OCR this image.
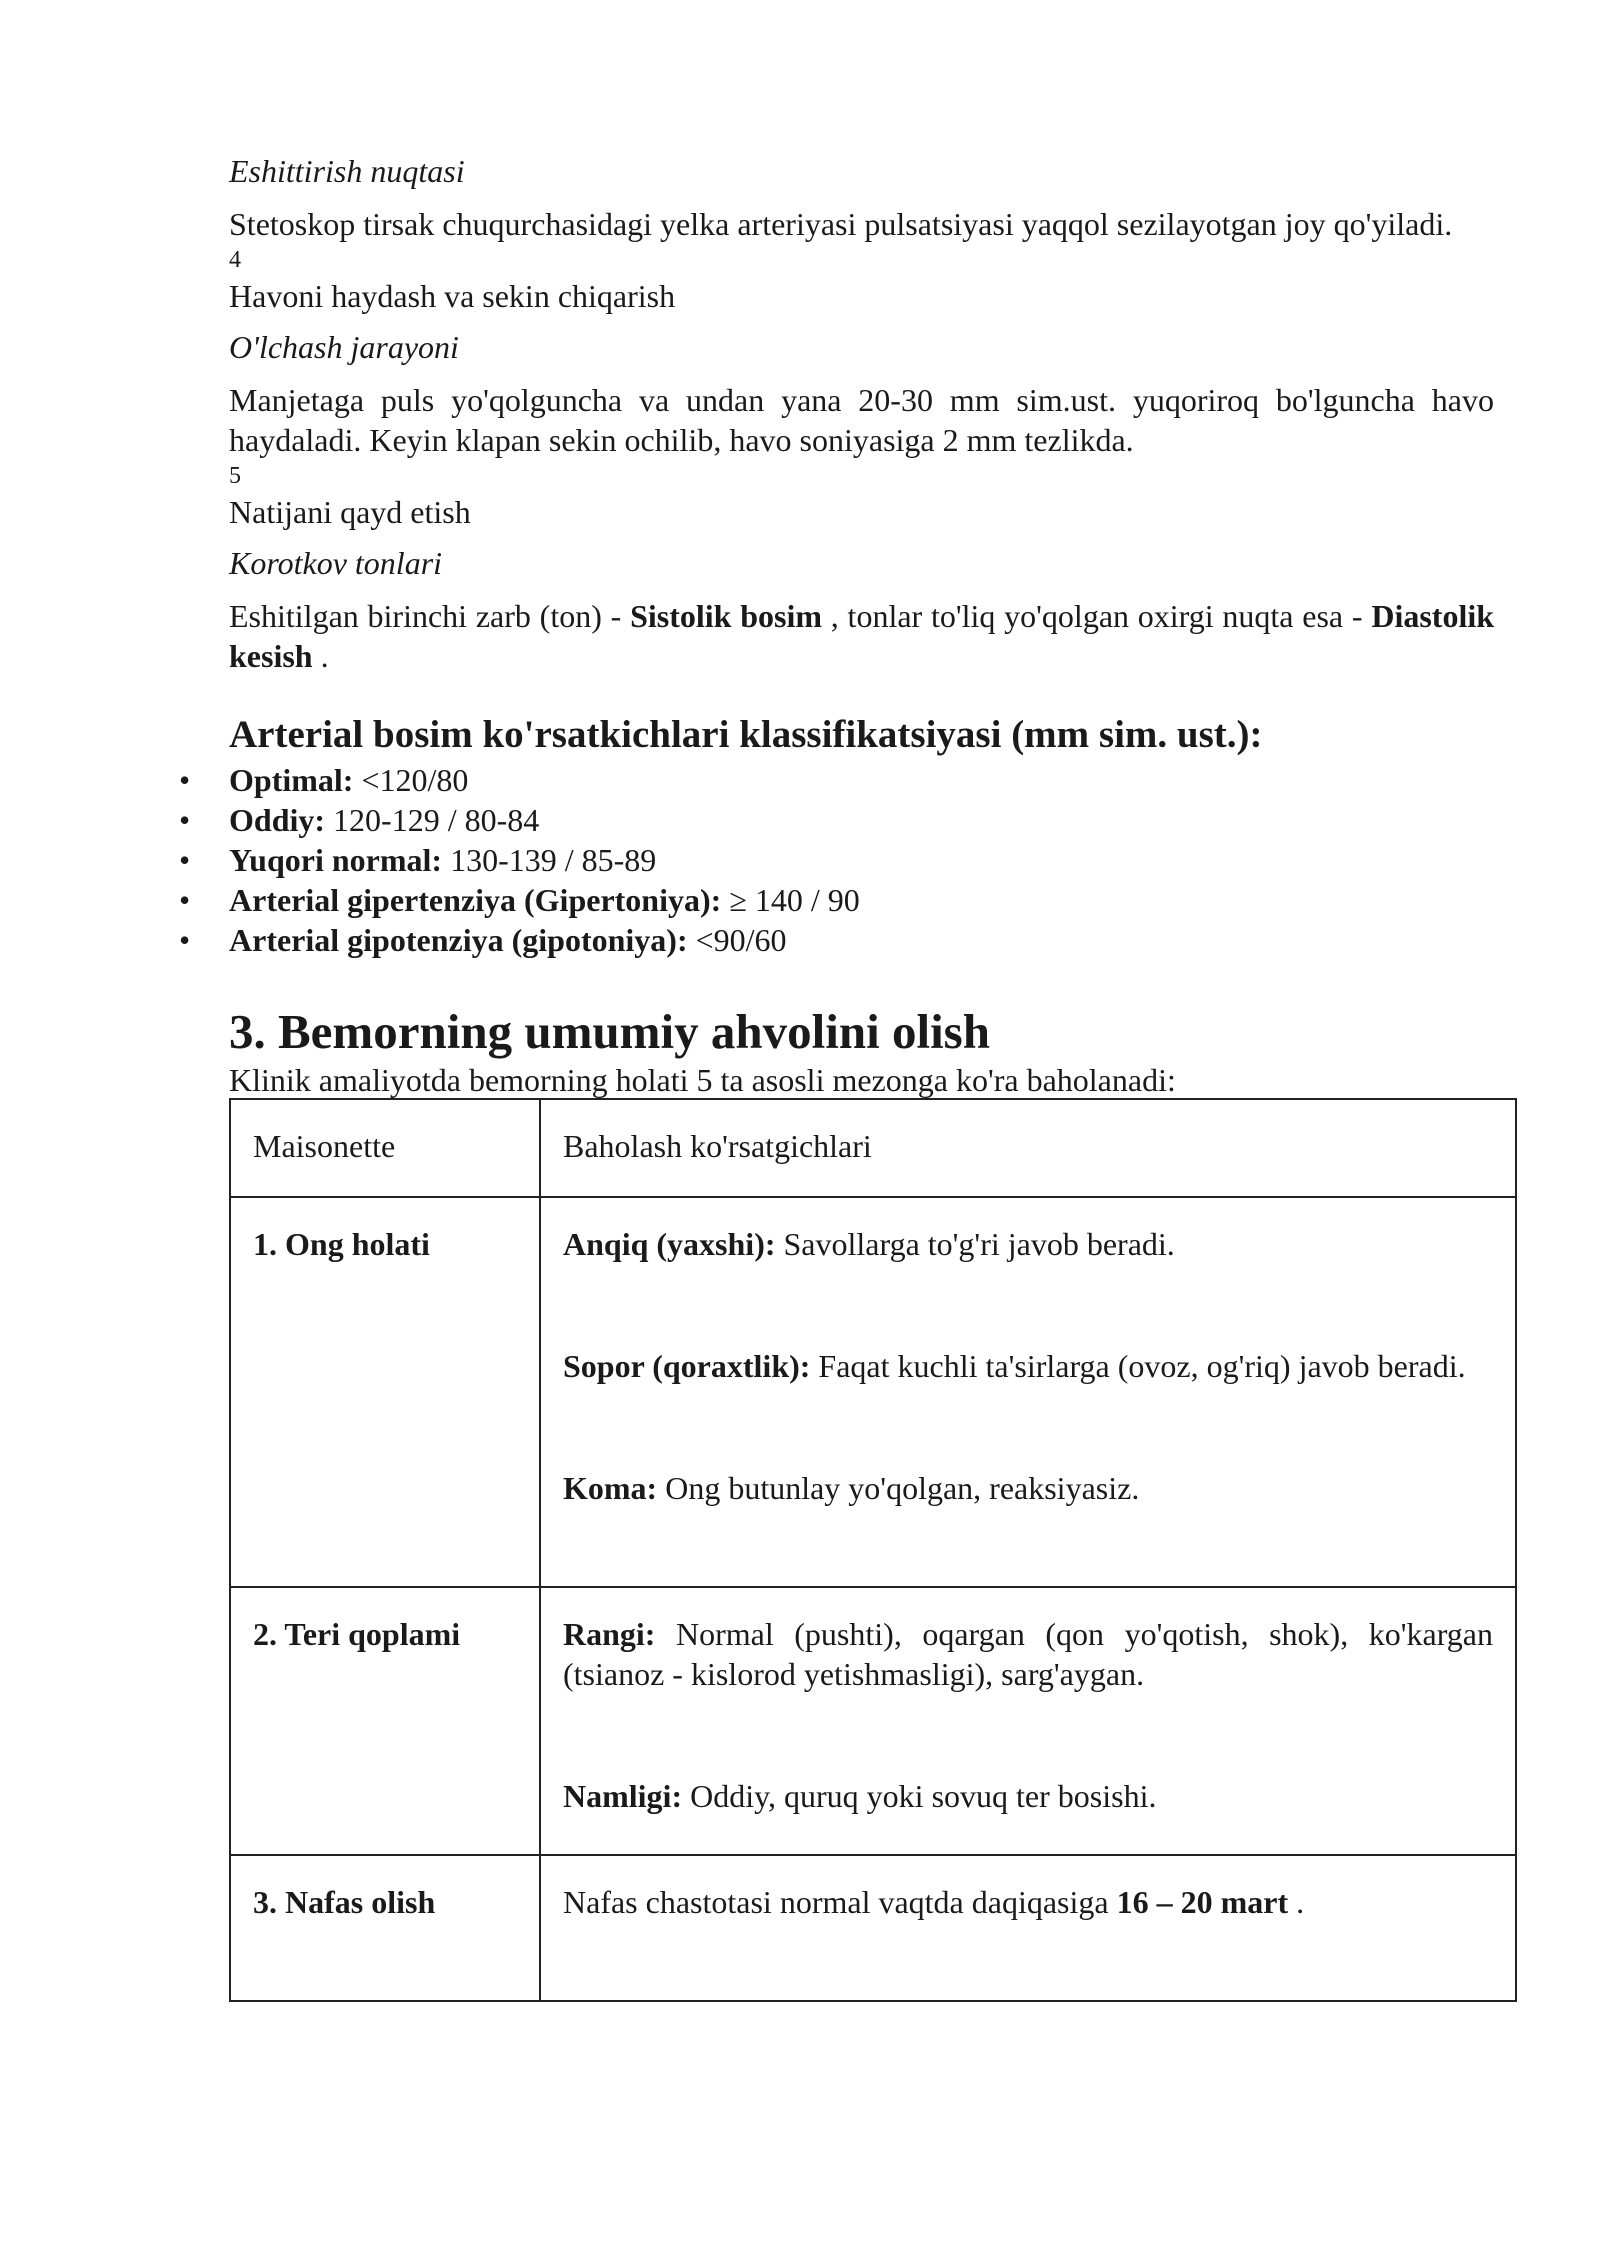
Eshittirish nuqtasi

Stetoskop tirsak chuqurchasidagi yelka arteriyasi pulsatsiyasi yaqqol sezilayotgan joy qo'yiladi.

4

Havoni haydash va sekin chiqarish

O'lchash jarayoni

Manjetaga puls yo'qolguncha va undan yana 20-30 mm sim.ust. yuqoriroq bo'lguncha havo haydaladi. Keyin klapan sekin ochilib, havo soniyasiga 2 mm tezlikda.

5

Natijani qayd etish

Korotkov tonlari

Eshitilgan birinchi zarb (ton) - Sistolik bosim , tonlar to'liq yo'qolgan oxirgi nuqta esa - Diastolik kesish .

Arterial bosim ko'rsatkichlari klassifikatsiyasi (mm sim. ust.):
• Optimal: <120/80
• Oddiy: 120-129 / 80-84
• Yuqori normal: 130-139 / 85-89
• Arterial gipertenziya (Gipertoniya): ≥ 140 / 90
• Arterial gipotenziya (gipotoniya): <90/60
3. Bemorning umumiy ahvolini olish

Klinik amaliyotda bemorning holati 5 ta asosli mezonga ko'ra baholanadi:

Maisonette	Baholash ko'rsatgichlari
1. Ong holati	Anqiq (yaxshi): Savollarga to'g'ri javob beradi.
Sopor (qoraxtlik): Faqat kuchli ta'sirlarga (ovoz, og'riq) javob beradi.
Koma: Ong butunlay yo'qolgan, reaksiyasiz.

2. Teri qoplami	Rangi: Normal (pushti), oqargan (qon yo'qotish, shok), ko'kargan (tsianoz - kislorod yetishmasligi), sarg'aygan.
Namligi: Oddiy, quruq yoki sovuq ter bosishi.

3. Nafas olish	Nafas chastotasi normal vaqtda daqiqasiga 16 – 20 mart .
